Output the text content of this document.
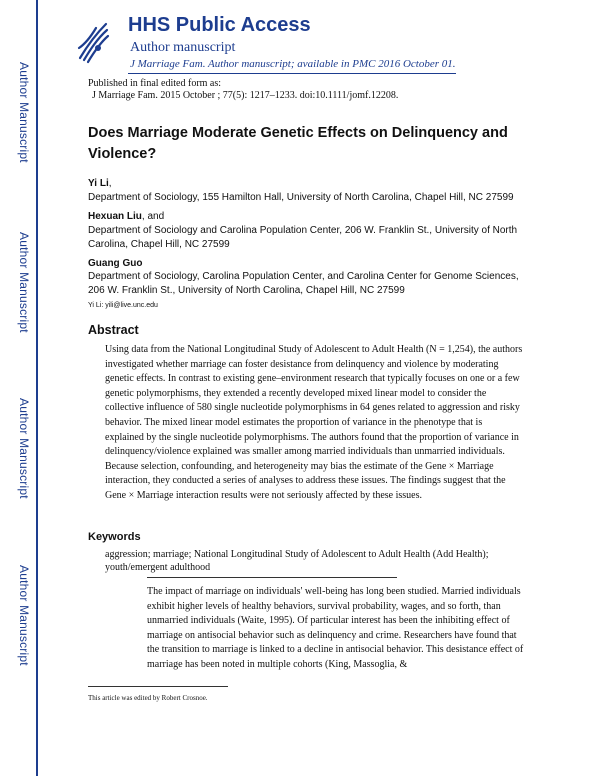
Author Manuscript
Author Manuscript
Author Manuscript
Author Manuscript
HHS Public Access
Author manuscript
J Marriage Fam. Author manuscript; available in PMC 2016 October 01.
Published in final edited form as:
J Marriage Fam. 2015 October ; 77(5): 1217–1233. doi:10.1111/jomf.12208.
Does Marriage Moderate Genetic Effects on Delinquency and Violence?
Yi Li,
Department of Sociology, 155 Hamilton Hall, University of North Carolina, Chapel Hill, NC 27599
Hexuan Liu, and
Department of Sociology and Carolina Population Center, 206 W. Franklin St., University of North Carolina, Chapel Hill, NC 27599
Guang Guo
Department of Sociology, Carolina Population Center, and Carolina Center for Genome Sciences, 206 W. Franklin St., University of North Carolina, Chapel Hill, NC 27599
Yi Li: yili@live.unc.edu
Abstract
Using data from the National Longitudinal Study of Adolescent to Adult Health (N = 1,254), the authors investigated whether marriage can foster desistance from delinquency and violence by moderating genetic effects. In contrast to existing gene–environment research that typically focuses on one or a few genetic polymorphisms, they extended a recently developed mixed linear model to consider the collective influence of 580 single nucleotide polymorphisms in 64 genes related to aggression and risky behavior. The mixed linear model estimates the proportion of variance in the phenotype that is explained by the single nucleotide polymorphisms. The authors found that the proportion of variance in delinquency/violence explained was smaller among married individuals than unmarried individuals. Because selection, confounding, and heterogeneity may bias the estimate of the Gene × Marriage interaction, they conducted a series of analyses to address these issues. The findings suggest that the Gene × Marriage interaction results were not seriously affected by these issues.
Keywords
aggression; marriage; National Longitudinal Study of Adolescent to Adult Health (Add Health); youth/emergent adulthood
The impact of marriage on individuals' well-being has long been studied. Married individuals exhibit higher levels of healthy behaviors, survival probability, wages, and so forth, than unmarried individuals (Waite, 1995). Of particular interest has been the inhibiting effect of marriage on antisocial behavior such as delinquency and crime. Researchers have found that the transition to marriage is linked to a decline in antisocial behavior. This desistance effect of marriage has been noted in multiple cohorts (King, Massoglia, &
This article was edited by Robert Crosnoe.
